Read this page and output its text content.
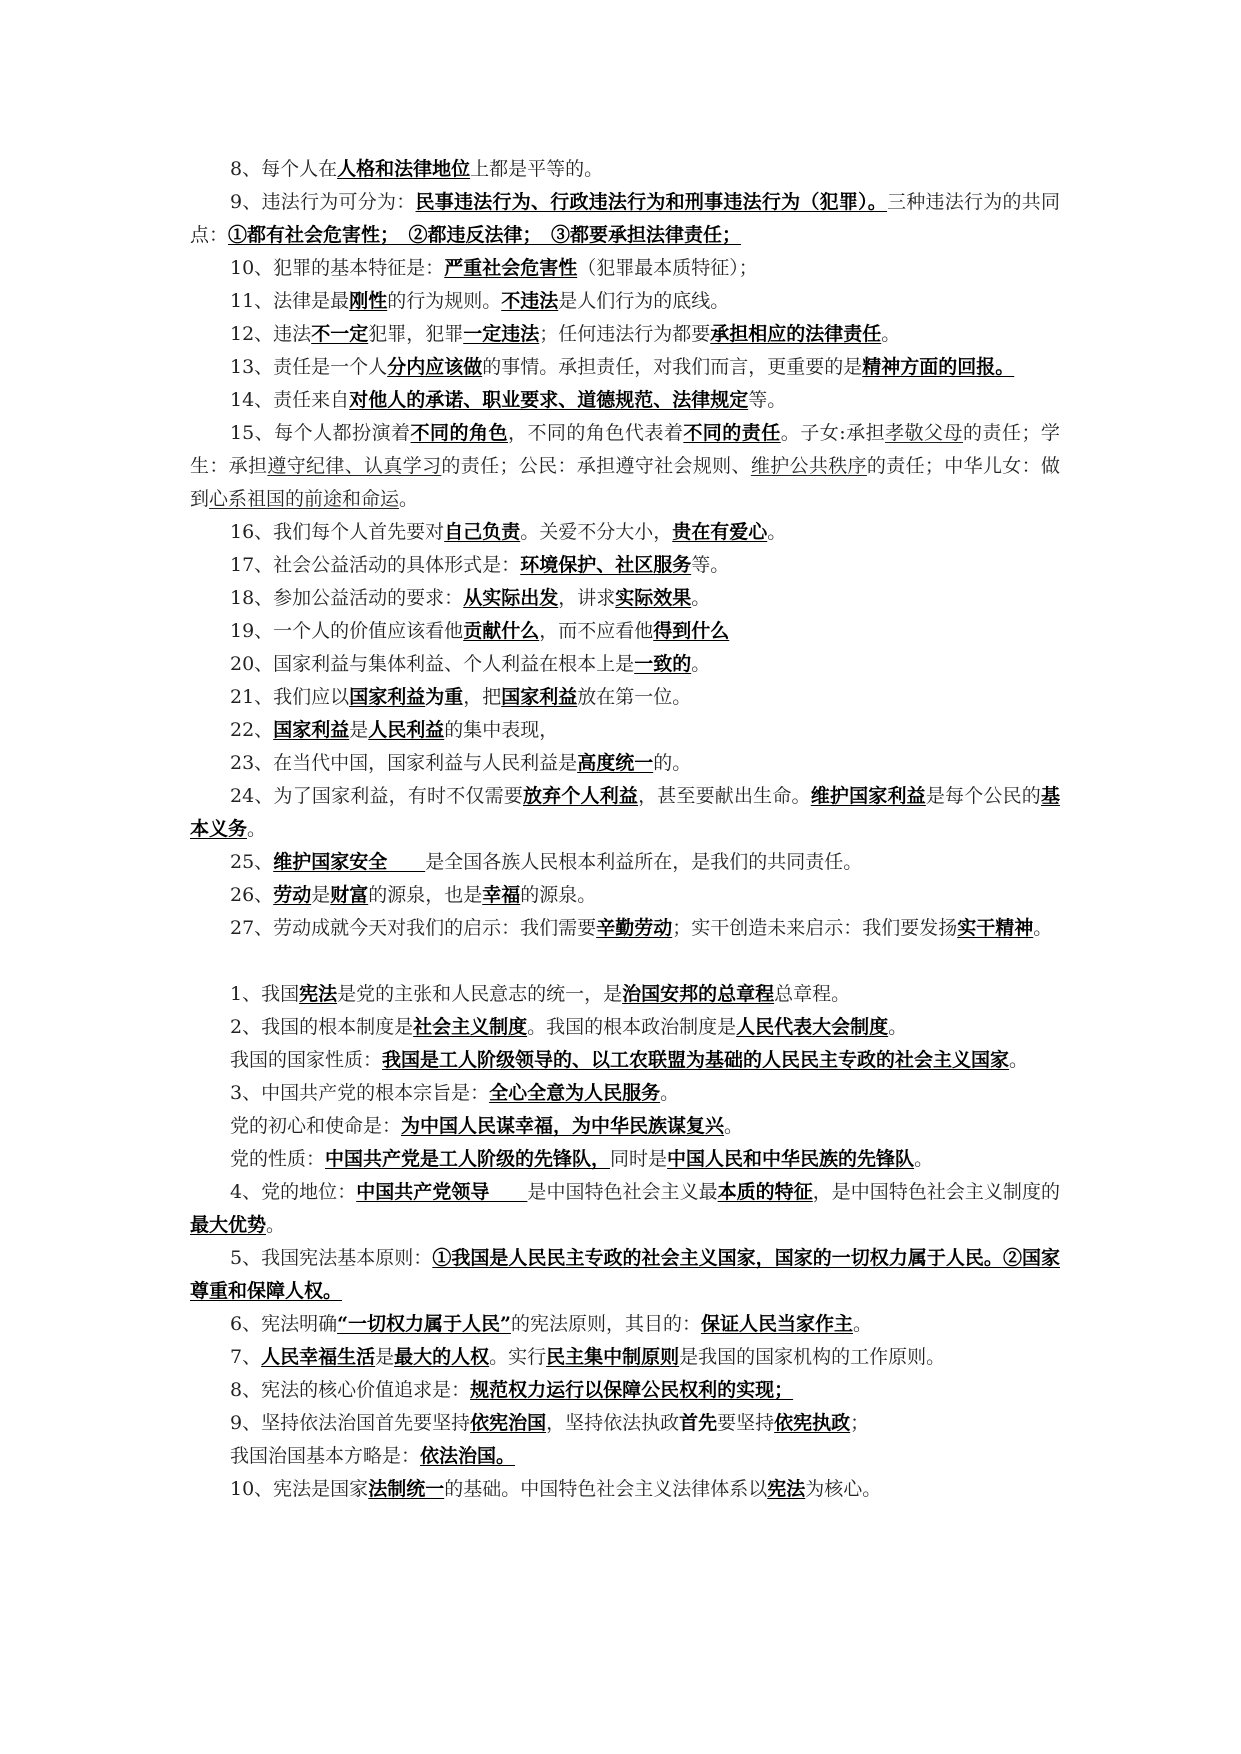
8、每个人在人格和法律地位上都是平等的。

9、违法行为可分为：民事违法行为、行政违法行为和刑事违法行为（犯罪）。三种违法行为的共同点：①都有社会危害性；　②都违反法律；　③都要承担法律责任；

10、犯罪的基本特征是：严重社会危害性（犯罪最本质特征）；

11、法律是最刚性的行为规则。不违法是人们行为的底线。

12、违法不一定犯罪，犯罪一定违法；任何违法行为都要承担相应的法律责任。

13、责任是一个人分内应该做的事情。承担责任，对我们而言，更重要的是精神方面的回报。

14、责任来自对他人的承诺、职业要求、道德规范、法律规定等。

15、每个人都扮演着不同的角色，不同的角色代表着不同的责任。子女:承担孝敬父母的责任；学生：承担遵守纪律、认真学习的责任；公民：承担遵守社会规则、维护公共秩序的责任；中华儿女：做到心系祖国的前途和命运。

16、我们每个人首先要对自己负责。关爱不分大小，贵在有爱心。

17、社会公益活动的具体形式是：环境保护、社区服务等。

18、参加公益活动的要求：从实际出发，讲求实际效果。

19、一个人的价值应该看他贡献什么，而不应看他得到什么

20、国家利益与集体利益、个人利益在根本上是一致的。

21、我们应以国家利益为重，把国家利益放在第一位。

22、国家利益是人民利益的集中表现，

23、在当代中国，国家利益与人民利益是高度统一的。

24、为了国家利益，有时不仅需要放弃个人利益，甚至要献出生命。维护国家利益是每个公民的基本义务。

25、维护国家安全　　是全国各族人民根本利益所在，是我们的共同责任。

26、劳动是财富的源泉，也是幸福的源泉。

27、劳动成就今天对我们的启示：我们需要辛勤劳动；实干创造未来启示：我们要发扬实干精神。

1、我国宪法是党的主张和人民意志的统一，是治国安邦的总章程总章程。

2、我国的根本制度是社会主义制度。我国的根本政治制度是人民代表大会制度。

我国的国家性质：我国是工人阶级领导的、以工农联盟为基础的人民民主专政的社会主义国家。

3、中国共产党的根本宗旨是：全心全意为人民服务。

党的初心和使命是：为中国人民谋幸福，为中华民族谋复兴。

党的性质：中国共产党是工人阶级的先锋队，同时是中国人民和中华民族的先锋队。

4、党的地位：中国共产党领导　　是中国特色社会主义最本质的特征，是中国特色社会主义制度的最大优势。

5、我国宪法基本原则：①我国是人民民主专政的社会主义国家，国家的一切权力属于人民。②国家尊重和保障人权。

6、宪法明确“一切权力属于人民”的宪法原则，其目的：保证人民当家作主。

7、人民幸福生活是最大的人权。实行民主集中制原则是我国的国家机构的工作原则。

8、宪法的核心价值追求是：规范权力运行以保障公民权利的实现；

9、坚持依法治国首先要坚持依宪治国，坚持依法执政首先要坚持依宪执政；

我国治国基本方略是：依法治国。

10、宪法是国家法制统一的基础。中国特色社会主义法律体系以宪法为核心。
